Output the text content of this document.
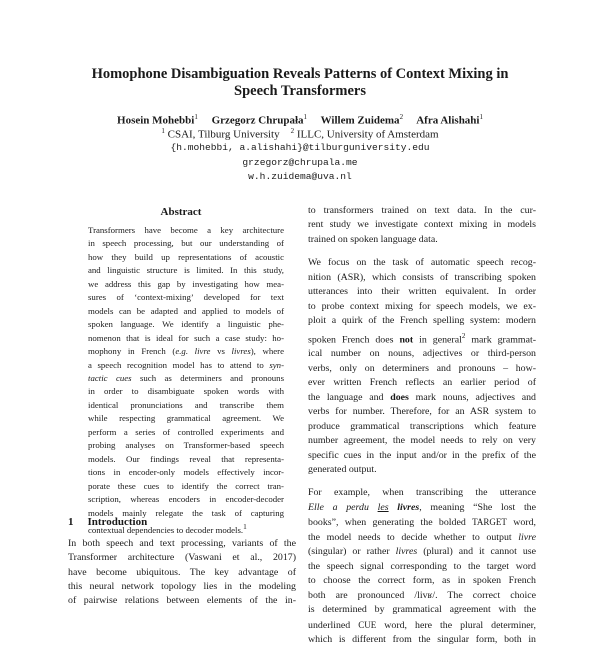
Homophone Disambiguation Reveals Patterns of Context Mixing in
Speech Transformers
Hosein Mohebbi$^1$ Grzegorz Chrupała$^1$ Willem Zuidema$^2$ Afra Alishahi$^1$
$^1$ CSAI, Tilburg University $^2$ ILLC, University of Amsterdam
{h.mohebbi, a.alishahi}@tilburguniversity.edu
grzegorz@chrupala.me
w.h.zuidema@uva.nl
Abstract
Transformers have become a key architecture
in speech processing, but our understanding of
how they build up representations of acoustic
and linguistic structure is limited. In this study,
we address this gap by investigating how mea-
sures of ‘context-mixing’ developed for text
models can be adapted and applied to models of
spoken language. We identify a linguistic phe-
nomenon that is ideal for such a case study: ho-
mophony in French (e.g. livre vs livres), where
a speech recognition model has to attend to syn-
tactic cues such as determiners and pronouns
in order to disambiguate spoken words with
identical pronunciations and transcribe them
while respecting grammatical agreement. We
perform a series of controlled experiments and
probing analyses on Transformer-based speech
models. Our findings reveal that representa-
tions in encoder-only models effectively incor-
porate these cues to identify the correct tran-
scription, whereas encoders in encoder-decoder
models mainly relegate the task of capturing
contextual dependencies to decoder models.$^1$
1 Introduction
In both speech and text processing, variants of the
Transformer architecture (Vaswani et al., 2017)
have become ubiquitous. The key advantage of
this neural network topology lies in the modeling
of pairwise relations between elements of the in-
to transformers trained on text data. In the cur-
rent study we investigate context mixing in models
trained on spoken language data.
We focus on the task of automatic speech recog-
nition (ASR), which consists of transcribing spoken
utterances into their written equivalent. In order
to probe context mixing for speech models, we ex-
ploit a quirk of the French spelling system: modern
spoken French does not in general$^2$ mark grammat-
ical number on nouns, adjectives or third-person
verbs, only on determiners and pronouns – how-
ever written French reflects an earlier period of
the language and does mark nouns, adjectives and
verbs for number. Therefore, for an ASR system to
produce grammatical transcriptions which feature
number agreement, the model needs to rely on very
specific cues in the input and/or in the prefix of the
generated output.
For example, when transcribing the utterance
Elle a perdu les livres, meaning “She lost the
books”, when generating the bolded TARGET word,
the model needs to decide whether to output livre
(singular) or rather livres (plural) and it cannot use
the speech signal corresponding to the target word
to choose the correct form, as in spoken French
both are pronounced /livʁ/. The correct choice
is determined by grammatical agreement with the
underlined CUE word, here the plural determiner,
which is different from the singular form, both in
